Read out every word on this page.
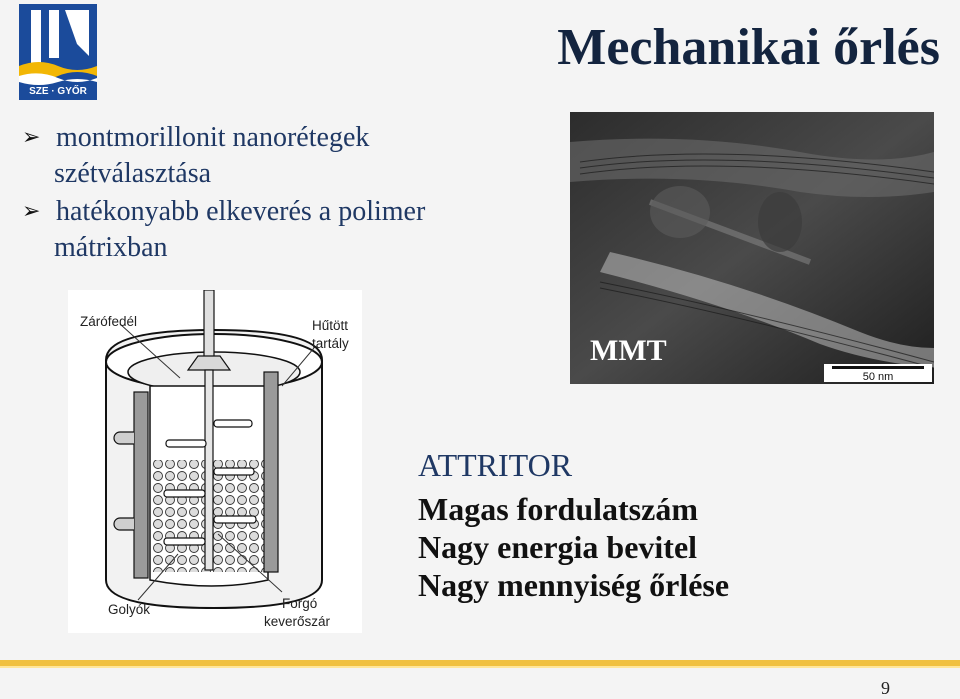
SZE · GYŐR
Mechanikai őrlés
➢ montmorillonit nanorétegek
szétválasztása
➢ hatékonyabb elkeverés a polimer
mátrixban
Zárófedél	Hűtött
tartály
Golyók	Forgó
keverőszár
MMT
50 nm
ATTRITOR
Magas fordulatszám
Nagy energia bevitel
Nagy mennyiség őrlése
9
